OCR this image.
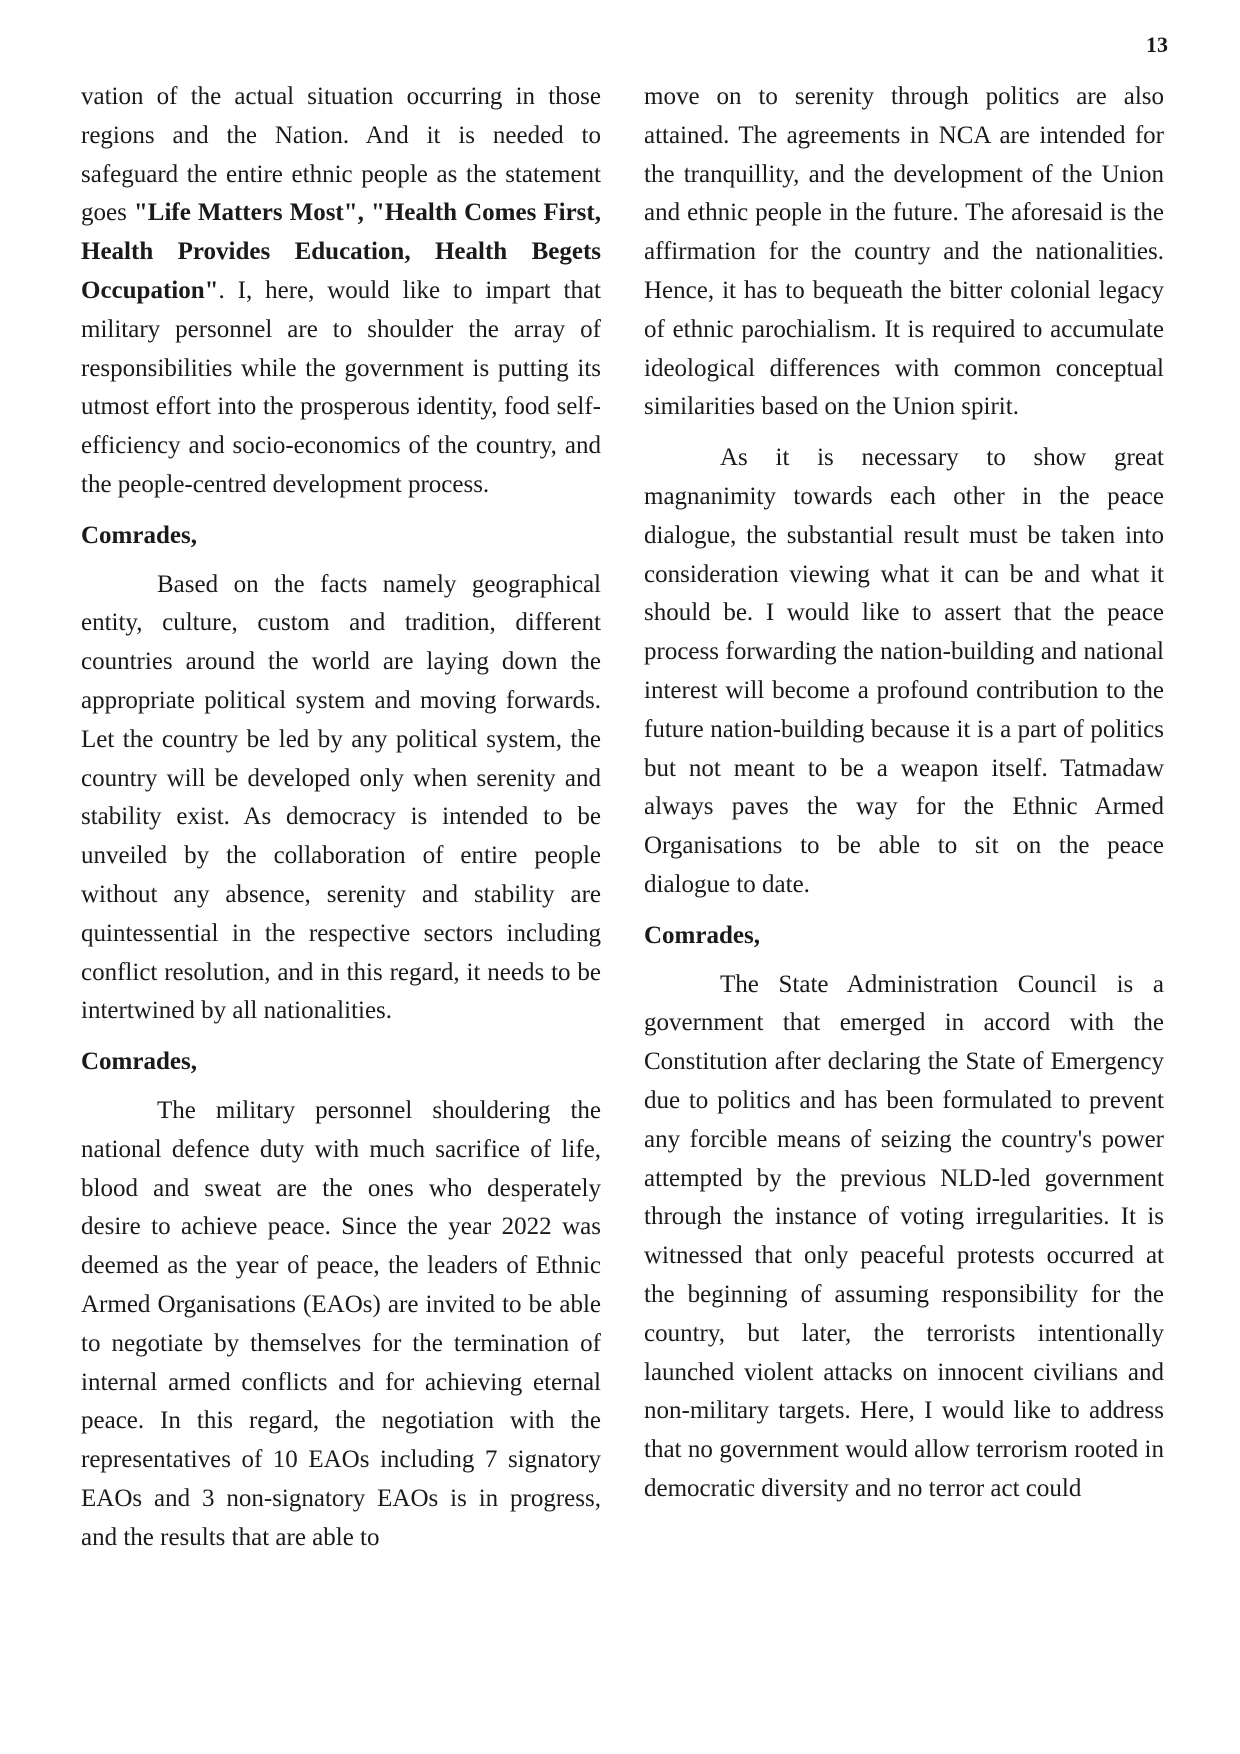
13

vation of the actual situation occurring in those regions and the Nation. And it is needed to safeguard the entire ethnic people as the statement goes "Life Matters Most", "Health Comes First, Health Provides Education, Health Begets Occupation". I, here, would like to impart that military personnel are to shoulder the array of responsibilities while the government is putting its utmost effort into the prosperous identity, food self-efficiency and socio-economics of the country, and the people-centred development process.

Comrades,

Based on the facts namely geographical entity, culture, custom and tradition, different countries around the world are laying down the appropriate political system and moving forwards. Let the country be led by any political system, the country will be developed only when serenity and stability exist. As democracy is intended to be unveiled by the collaboration of entire people without any absence, serenity and stability are quintessential in the respective sectors including conflict resolution, and in this regard, it needs to be intertwined by all nationalities.

Comrades,

The military personnel shouldering the national defence duty with much sacrifice of life, blood and sweat are the ones who desperately desire to achieve peace. Since the year 2022 was deemed as the year of peace, the leaders of Ethnic Armed Organisations (EAOs) are invited to be able to negotiate by themselves for the termination of internal armed conflicts and for achieving eternal peace. In this regard, the negotiation with the representatives of 10 EAOs including 7 signatory EAOs and 3 non-signatory EAOs is in progress, and the results that are able to

move on to serenity through politics are also attained. The agreements in NCA are intended for the tranquillity, and the development of the Union and ethnic people in the future. The aforesaid is the affirmation for the country and the nationalities. Hence, it has to bequeath the bitter colonial legacy of ethnic parochialism. It is required to accumulate ideological differences with common conceptual similarities based on the Union spirit.

As it is necessary to show great magnanimity towards each other in the peace dialogue, the substantial result must be taken into consideration viewing what it can be and what it should be. I would like to assert that the peace process forwarding the nation-building and national interest will become a profound contribution to the future nation-building because it is a part of politics but not meant to be a weapon itself. Tatmadaw always paves the way for the Ethnic Armed Organisations to be able to sit on the peace dialogue to date.

Comrades,

The State Administration Council is a government that emerged in accord with the Constitution after declaring the State of Emergency due to politics and has been formulated to prevent any forcible means of seizing the country's power attempted by the previous NLD-led government through the instance of voting irregularities. It is witnessed that only peaceful protests occurred at the beginning of assuming responsibility for the country, but later, the terrorists intentionally launched violent attacks on innocent civilians and non-military targets. Here, I would like to address that no government would allow terrorism rooted in democratic diversity and no terror act could
